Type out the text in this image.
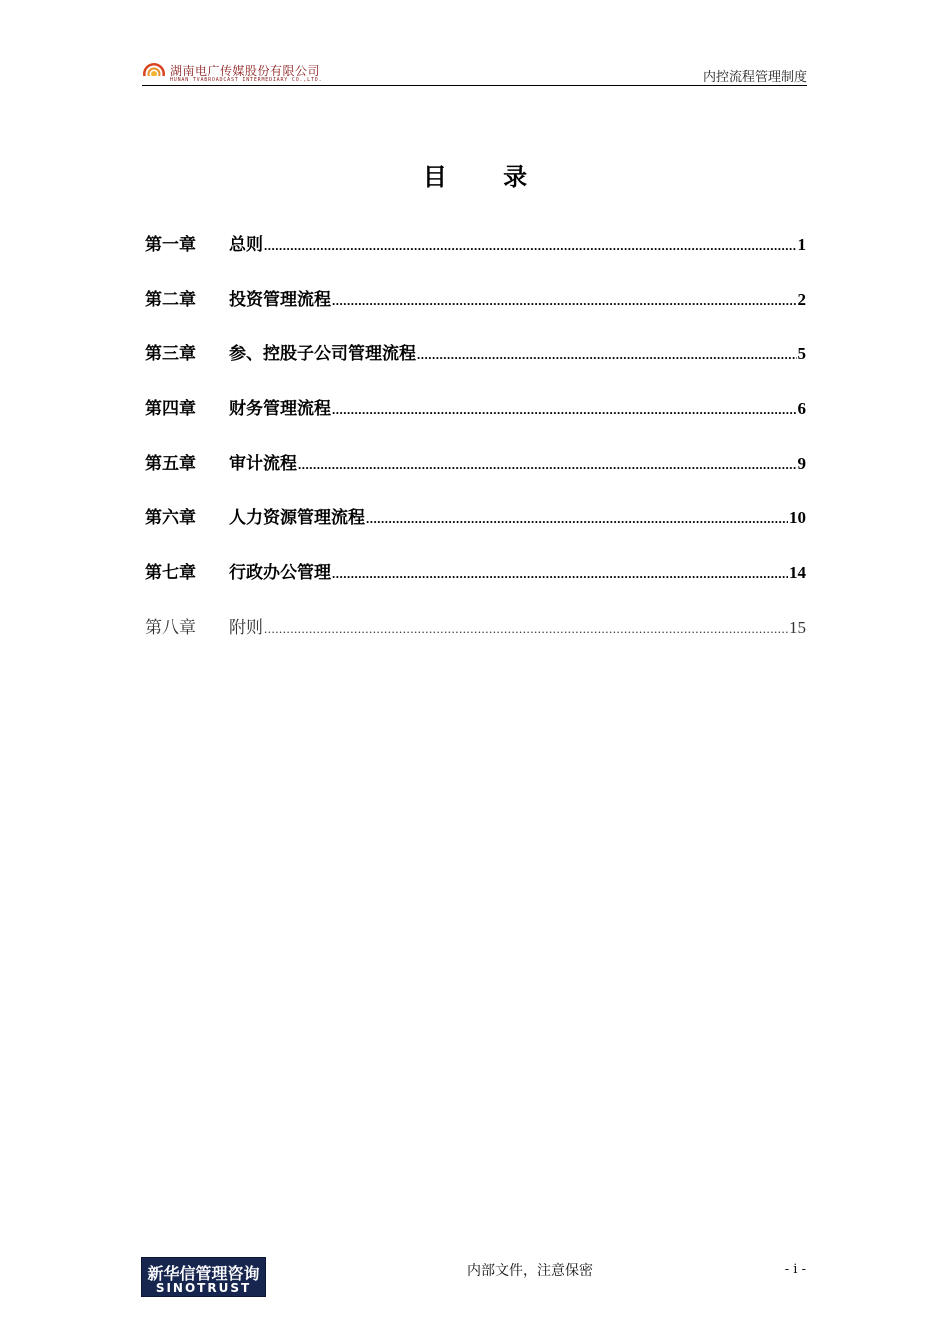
湖南电广传媒股份有限公司
HUNAN TVABROADCAST INTERMEDIARY CO.,LTD.	内控流程管理制度
目 录
第一章	总则 .....	1
第二章	投资管理流程 .....	2
第三章	参、控股子公司管理流程 .....	5
第四章	财务管理流程 .....	6
第五章	审计流程 .....	9
第六章	人力资源管理流程 .....	10
第七章	行政办公管理 .....	14
第八章	附则 .....	15
新华信管理咨询
SINOTRUST
内部文件，注意保密	- i -
